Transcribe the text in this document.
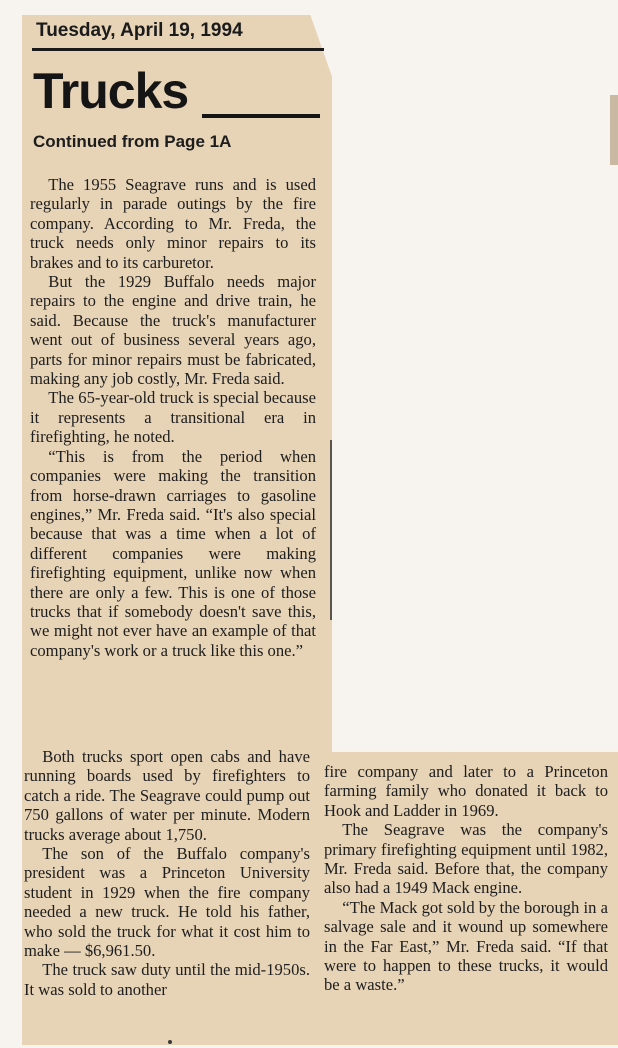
Tuesday, April 19, 1994
Trucks
Continued from Page 1A

The 1955 Seagrave runs and is used regularly in parade outings by the fire company. According to Mr. Freda, the truck needs only minor repairs to its brakes and to its carburetor.

But the 1929 Buffalo needs major repairs to the engine and drive train, he said. Because the truck's manufacturer went out of business several years ago, parts for minor repairs must be fabricated, making any job costly, Mr. Freda said.

The 65-year-old truck is special because it represents a transitional era in firefighting, he noted.

“This is from the period when companies were making the transition from horse-drawn carriages to gasoline engines,” Mr. Freda said. “It's also special because that was a time when a lot of different companies were making firefighting equipment, unlike now when there are only a few. This is one of those trucks that if somebody doesn't save this, we might not ever have an example of that company's work or a truck like this one.”

Both trucks sport open cabs and have running boards used by firefighters to catch a ride. The Seagrave could pump out 750 gallons of water per minute. Modern trucks average about 1,750.

The son of the Buffalo company's president was a Princeton University student in 1929 when the fire company needed a new truck. He told his father, who sold the truck for what it cost him to make — $6,961.50.

The truck saw duty until the mid-1950s. It was sold to another

fire company and later to a Princeton farming family who donated it back to Hook and Ladder in 1969.

The Seagrave was the company's primary firefighting equipment until 1982, Mr. Freda said. Before that, the company also had a 1949 Mack engine.

“The Mack got sold by the borough in a salvage sale and it wound up somewhere in the Far East,” Mr. Freda said. “If that were to happen to these trucks, it would be a waste.”
